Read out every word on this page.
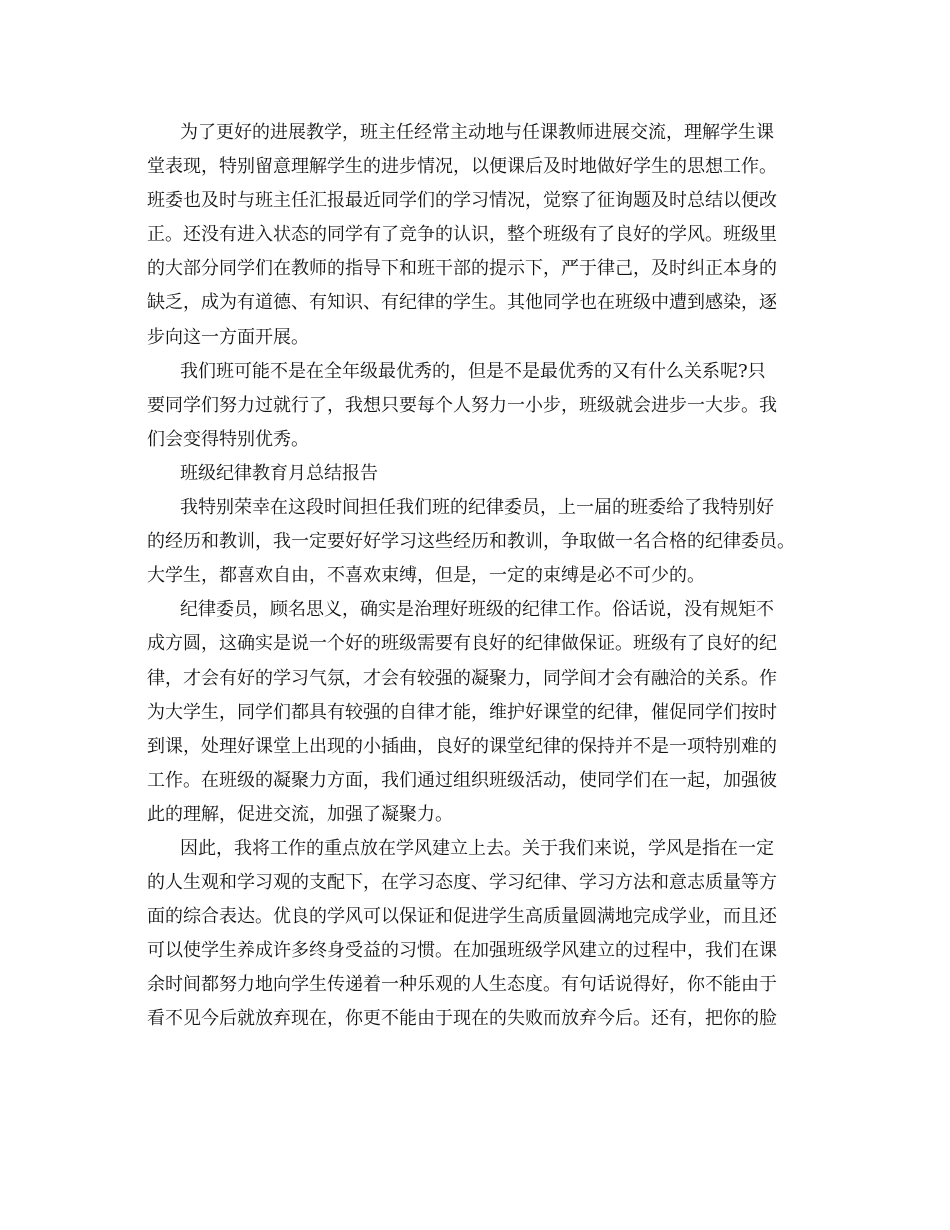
为了更好的进展教学，班主任经常主动地与任课教师进展交流，理解学生课
堂表现，特别留意理解学生的进步情况，以便课后及时地做好学生的思想工作。
班委也及时与班主任汇报最近同学们的学习情况，觉察了征询题及时总结以便改
正。还没有进入状态的同学有了竞争的认识，整个班级有了良好的学风。班级里
的大部分同学们在教师的指导下和班干部的提示下，严于律己，及时纠正本身的
缺乏，成为有道德、有知识、有纪律的学生。其他同学也在班级中遭到感染，逐
步向这一方面开展。
我们班可能不是在全年级最优秀的，但是不是最优秀的又有什么关系呢?只
要同学们努力过就行了，我想只要每个人努力一小步，班级就会进步一大步。我
们会变得特别优秀。
班级纪律教育月总结报告
我特别荣幸在这段时间担任我们班的纪律委员，上一届的班委给了我特别好
的经历和教训，我一定要好好学习这些经历和教训，争取做一名合格的纪律委员。
大学生，都喜欢自由，不喜欢束缚，但是，一定的束缚是必不可少的。
纪律委员，顾名思义，确实是治理好班级的纪律工作。俗话说，没有规矩不
成方圆，这确实是说一个好的班级需要有良好的纪律做保证。班级有了良好的纪
律，才会有好的学习气氛，才会有较强的凝聚力，同学间才会有融洽的关系。作
为大学生，同学们都具有较强的自律才能，维护好课堂的纪律，催促同学们按时
到课，处理好课堂上出现的小插曲，良好的课堂纪律的保持并不是一项特别难的
工作。在班级的凝聚力方面，我们通过组织班级活动，使同学们在一起，加强彼
此的理解，促进交流，加强了凝聚力。
因此，我将工作的重点放在学风建立上去。关于我们来说，学风是指在一定
的人生观和学习观的支配下，在学习态度、学习纪律、学习方法和意志质量等方
面的综合表达。优良的学风可以保证和促进学生高质量圆满地完成学业，而且还
可以使学生养成许多终身受益的习惯。在加强班级学风建立的过程中，我们在课
余时间都努力地向学生传递着一种乐观的人生态度。有句话说得好，你不能由于
看不见今后就放弃现在，你更不能由于现在的失败而放弃今后。还有，把你的脸
